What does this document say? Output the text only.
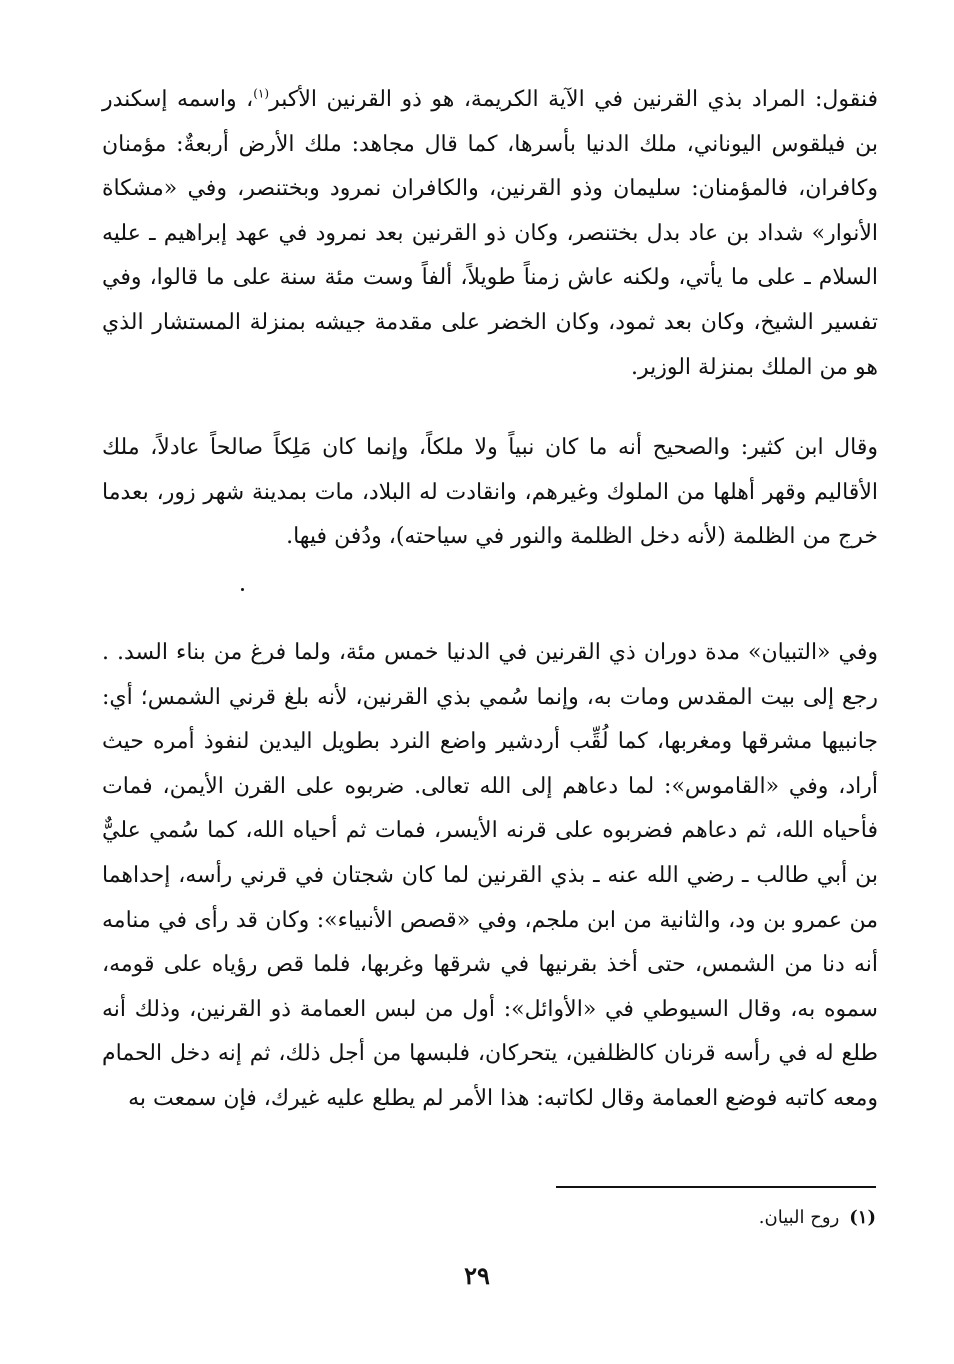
فنقول: المراد بذي القرنين في الآية الكريمة، هو ذو القرنين الأكبر$^{(١)}$، واسمه إسكندر بن فيلقوس اليوناني، ملك الدنيا بأسرها، كما قال مجاهد: ملك الأرض أربعةٌ: مؤمنان وكافران، فالمؤمنان: سليمان وذو القرنين، والكافران نمرود وبختنصر، وفي «مشكاة الأنوار» شداد بن عاد بدل بختنصر، وكان ذو القرنين بعد نمرود في عهد إبراهيم ـ عليه السلام ـ على ما يأتي، ولكنه عاش زمناً طويلاً، ألفاً وست مئة سنة على ما قالوا، وفي تفسير الشيخ، وكان بعد ثمود، وكان الخضر على مقدمة جيشه بمنزلة المستشار الذي هو من الملك بمنزلة الوزير.
وقال ابن كثير: والصحيح أنه ما كان نبياً ولا ملكاً، وإنما كان مَلِكاً صالحاً عادلاً، ملك الأقاليم وقهر أهلها من الملوك وغيرهم، وانقادت له البلاد، مات بمدينة شهر زور، بعدما خرج من الظلمة (لأنه دخل الظلمة والنور في سياحته)، ودُفن فيها.
وفي «التبيان» مدة دوران ذي القرنين في الدنيا خمس مئة، ولما فرغ من بناء السد. . رجع إلى بيت المقدس ومات به، وإنما سُمي بذي القرنين، لأنه بلغ قرني الشمس؛ أي: جانبيها مشرقها ومغربها، كما لُقِّب أردشير واضع النرد بطويل اليدين لنفوذ أمره حيث أراد، وفي «القاموس»: لما دعاهم إلى الله تعالى. ضربوه على القرن الأيمن، فمات فأحياه الله، ثم دعاهم فضربوه على قرنه الأيسر، فمات ثم أحياه الله، كما سُمي عليٌّ بن أبي طالب ـ رضي الله عنه ـ بذي القرنين لما كان شجتان في قرني رأسه، إحداهما من عمرو بن ود، والثانية من ابن ملجم، وفي «قصص الأنبياء»: وكان قد رأى في منامه أنه دنا من الشمس، حتى أخذ بقرنيها في شرقها وغربها، فلما قص رؤياه على قومه، سموه به، وقال السيوطي في «الأوائل»: أول من لبس العمامة ذو القرنين، وذلك أنه طلع له في رأسه قرنان كالظلفين، يتحركان، فلبسها من أجل ذلك، ثم إنه دخل الحمام ومعه كاتبه فوضع العمامة وقال لكاتبه: هذا الأمر لم يطلع عليه غيرك، فإن سمعت به
(١)روح البيان.
٢٩
